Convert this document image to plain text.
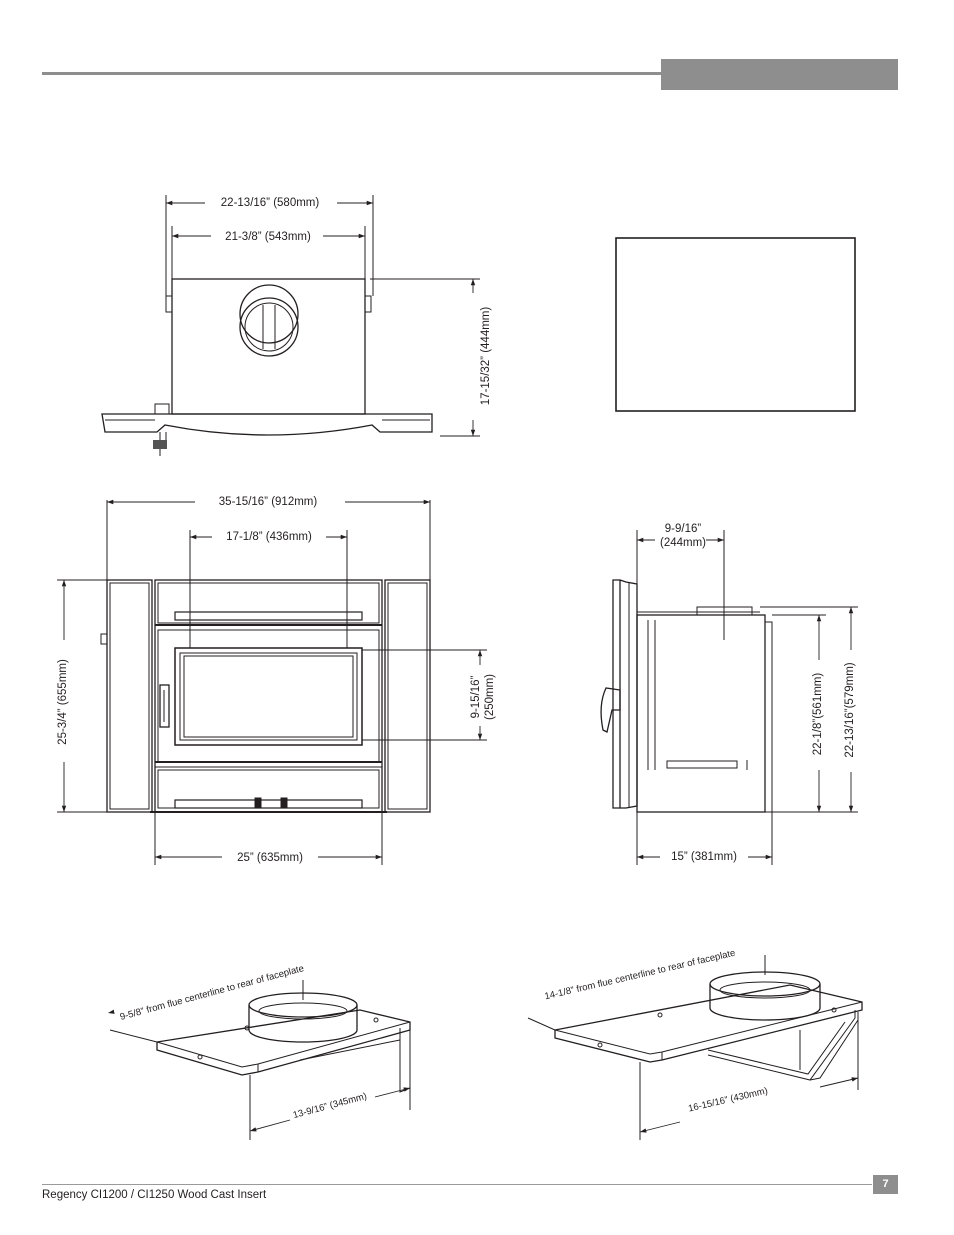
22-13/16” (580mm)
21-3/8” (543mm)
17-15/32” (444mm)
35-15/16” (912mm)
17-1/8” (436mm)
25-3/4” (655mm)	9-15/16” (250mm)
25” (635mm)
9-9/16”
(244mm)
22-1/8”(561mm) 22-13/16”(579mm)
15” (381mm)
9-5/8” from flue centerline to rear of faceplate
13-9/16” (345mm)
14-1/8” from flue centerline to rear of faceplate
16-15/16” (430mm)
Regency CI1200 / CI1250 Wood Cast Insert
7
